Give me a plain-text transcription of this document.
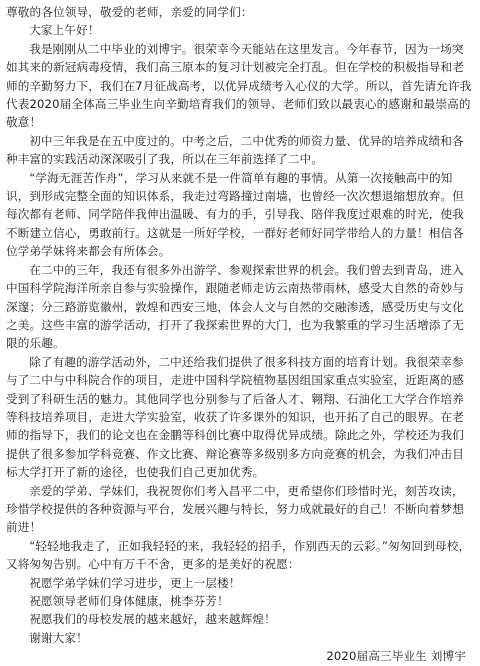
尊敬的各位领导，敬爱的老师，亲爱的同学们：

大家上午好！

我是刚刚从二中毕业的刘博宇。很荣幸今天能站在这里发言。今年春节，因为一场突如其来的新冠病毒疫情，我们高三原本的复习计划被完全打乱。但在学校的积极指导和老师的辛勤努力下，我们在7月征战高考，以优异成绩考入心仪的大学。所以，首先请允许我代表2020届全体高三毕业生向辛勤培育我们的领导、老师们致以最衷心的感谢和最崇高的敬意！

初中三年我是在五中度过的。中考之后，二中优秀的师资力量、优异的培养成绩和各种丰富的实践活动深深吸引了我，所以在三年前选择了二中。

“学海无涯苦作舟”，学习从来就不是一件简单有趣的事情。从第一次接触高中的知识，到形成完整全面的知识体系，我走过弯路撞过南墙，也曾经一次次想退缩想放弃。但每次都有老师、同学陪伴我伸出温暖、有力的手，引导我、陪伴我度过艰难的时光，使我不断建立信心，勇敢前行。这就是一所好学校，一群好老师好同学带给人的力量！相信各位学弟学妹将来都会有所体会。

在二中的三年，我还有很多外出游学、参观探索世界的机会。我们曾去到青岛，进入中国科学院海洋所亲自参与实验操作，跟随老师走访云南热带雨林，感受大自然的奇妙与深邃；分三路游览徽州，敦煌和西安三地，体会人文与自然的交融渗透，感受历史与文化之美。这些丰富的游学活动，打开了我探索世界的大门，也为我繁重的学习生活增添了无限的乐趣。

除了有趣的游学活动外，二中还给我们提供了很多科技方面的培育计划。我很荣幸参与了二中与中科院合作的项目，走进中国科学院植物基因组国家重点实验室，近距离的感受到了科研生活的魅力。其他同学也分别参与了后备人才、翱翔、石油化工大学合作培养等科技培养项目，走进大学实验室，收获了许多课外的知识，也开拓了自己的眼界。在老师的指导下，我们的论文也在金鹏等科创比赛中取得优异成绩。除此之外，学校还为我们提供了很多参加学科竞赛、作文比赛、辩论赛等多级别多方向竞赛的机会，为我们冲击目标大学打开了新的途径，也使我们自己更加优秀。

亲爱的学弟、学妹们，我祝贺你们考入昌平二中，更希望你们珍惜时光，刻苦攻读，珍惜学校提供的各种资源与平台，发展兴趣与特长，努力成就最好的自己！不断向着梦想前进！

“轻轻地我走了，正如我轻轻的来，我轻轻的招手，作别西天的云彩。”匆匆回到母校，又将匆匆告别。心中有万千不舍，更多的是美好的祝愿：

祝愿学弟学妹们学习进步，更上一层楼！

祝愿领导老师们身体健康，桃李芬芳！

祝愿我们的母校发展的越来越好，越来越辉煌！

谢谢大家！

2020届高三毕业生 刘博宇
